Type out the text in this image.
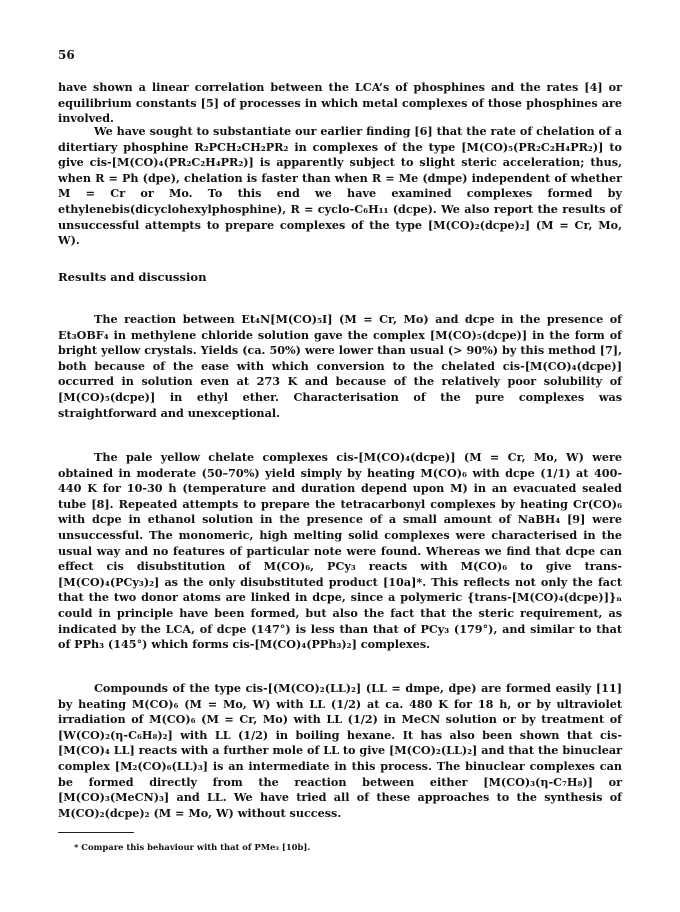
56
have shown a linear correlation between the LCA’s of phosphines and the rates [4] or equilibrium constants [5] of processes in which metal complexes of those phosphines are involved.
We have sought to substantiate our earlier finding [6] that the rate of chelation of a ditertiary phosphine R₂PCH₂CH₂PR₂ in complexes of the type [M(CO)₅(PR₂C₂H₄PR₂)] to give cis-[M(CO)₄(PR₂C₂H₄PR₂)] is apparently subject to slight steric acceleration; thus, when R = Ph (dpe), chelation is faster than when R = Me (dmpe) independent of whether M = Cr or Mo. To this end we have examined complexes formed by ethylenebis(dicyclohexylphosphine), R = cyclo-C₆H₁₁ (dcpe). We also report the results of unsuccessful attempts to prepare complexes of the type [M(CO)₂(dcpe)₂] (M = Cr, Mo, W).
Results and discussion
The reaction between Et₄N[M(CO)₅I] (M = Cr, Mo) and dcpe in the presence of Et₃OBF₄ in methylene chloride solution gave the complex [M(CO)₅(dcpe)] in the form of bright yellow crystals. Yields (ca. 50%) were lower than usual (> 90%) by this method [7], both because of the ease with which conversion to the chelated cis-[M(CO)₄(dcpe)] occurred in solution even at 273 K and because of the relatively poor solubility of [M(CO)₅(dcpe)] in ethyl ether. Characterisation of the pure complexes was straightforward and unexceptional.
The pale yellow chelate complexes cis-[M(CO)₄(dcpe)] (M = Cr, Mo, W) were obtained in moderate (50–70%) yield simply by heating M(CO)₆ with dcpe (1/1) at 400-440 K for 10-30 h (temperature and duration depend upon M) in an evacuated sealed tube [8]. Repeated attempts to prepare the tetracarbonyl complexes by heating Cr(CO)₆ with dcpe in ethanol solution in the presence of a small amount of NaBH₄ [9] were unsuccessful. The monomeric, high melting solid complexes were characterised in the usual way and no features of particular note were found. Whereas we find that dcpe can effect cis disubstitution of M(CO)₆, PCy₃ reacts with M(CO)₆ to give trans-[M(CO)₄(PCy₃)₂] as the only disubstituted product [10a]*. This reflects not only the fact that the two donor atoms are linked in dcpe, since a polymeric {trans-[M(CO)₄(dcpe)]}ₙ could in principle have been formed, but also the fact that the steric requirement, as indicated by the LCA, of dcpe (147°) is less than that of PCy₃ (179°), and similar to that of PPh₃ (145°) which forms cis-[M(CO)₄(PPh₃)₂] complexes.
Compounds of the type cis-[(M(CO)₂(LL)₂] (LL = dmpe, dpe) are formed easily [11] by heating M(CO)₆ (M = Mo, W) with LL (1/2) at ca. 480 K for 18 h, or by ultraviolet irradiation of M(CO)₆ (M = Cr, Mo) with LL (1/2) in MeCN solution or by treatment of [W(CO)₂(η-C₆H₈)₂] with LL (1/2) in boiling hexane. It has also been shown that cis-[M(CO)₄ LL] reacts with a further mole of LL to give [M(CO)₂(LL)₂] and that the binuclear complex [M₂(CO)₆(LL)₃] is an intermediate in this process. The binuclear complexes can be formed directly from the reaction between either [M(CO)₃(η-C₇H₈)] or [M(CO)₃(MeCN)₃] and LL. We have tried all of these approaches to the synthesis of M(CO)₂(dcpe)₂ (M = Mo, W) without success.
* Compare this behaviour with that of PMe₃ [10b].
